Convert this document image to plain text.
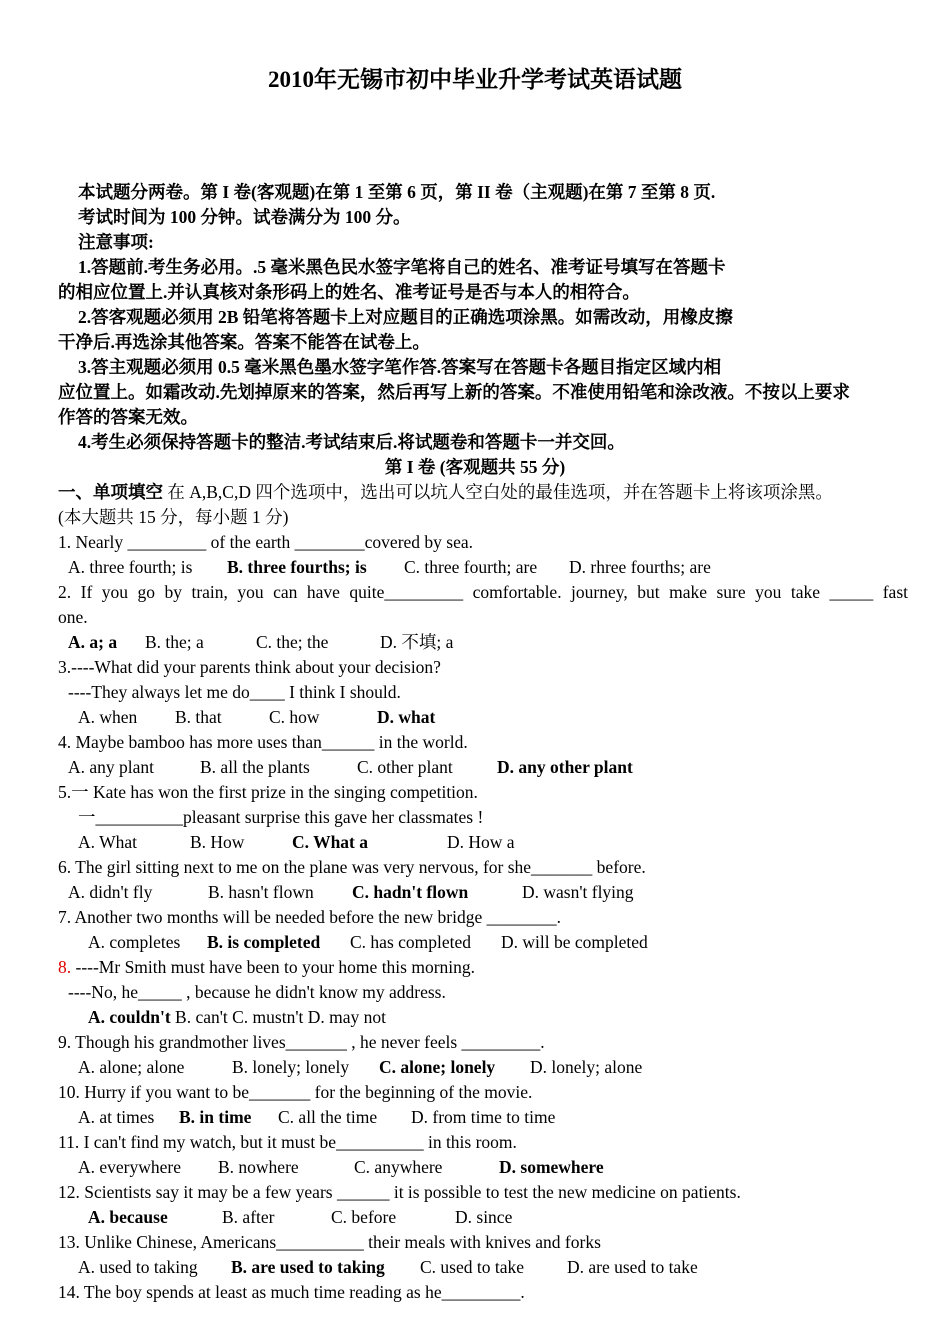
2010年无锡市初中毕业升学考试英语试题
本试题分两卷。第 I 卷(客观题)在第 1 至第 6 页，第 II 卷（主观题)在第 7 至第 8 页.
考试时间为 100 分钟。试卷满分为 100 分。
注意事项:
1.答题前.考生务必用。.5 毫米黑色民水签字笔将自己的姓名、准考证号填写在答题卡
的相应位置上.并认真核对条形码上的姓名、准考证号是否与本人的相符合。
2.答客观题必须用 2B 铅笔将答题卡上对应题目的正确选项涂黑。如需改动，用橡皮擦
干净后.再选涂其他答案。答案不能答在试卷上。
3.答主观题必须用 0.5 毫米黑色墨水签字笔作答.答案写在答题卡各题目指定区域内相
应位置上。如霜改动.先划掉原来的答案，然后再写上新的答案。不准使用铅笔和涂改液。不按以上要求
作答的答案无效。
4.考生必须保持答题卡的整洁.考试结束后.将试题卷和答题卡一并交回。
第 I 卷 (客观题共 55 分)
一、单项填空 在 A,B,C,D 四个选项中，选出可以坑人空白处的最佳选项，并在答题卡上将该项涂黑。
(本大题共 15 分，每小题 1 分)
1. Nearly _________ of the earth ________covered by sea.
A. three fourth; is B. three fourths; is C. three fourth; are D. rhree fourths; are
2. If you go by train, you can have quite_________ comfortable. journey, but make sure you take _____ fast
one.
A. a; a B. the; a	C. the; the	D. 不填; a
3.----What did your parents think about your decision?
----They always let me do____ I think I should.
A. when B. that	C. how	D. what
4. Maybe bamboo has more uses than______ in the world.
A. any plant	B. all the plants	C. other plant	D. any other plant
5.一 Kate has won the first prize in the singing competition.
一__________pleasant surprise this gave her classmates !
A. What	B. How	C. What a	D. How a
6. The girl sitting next to me on the plane was very nervous, for she_______ before.
A. didn't fly	B. hasn't flown C. hadn't flown	D. wasn't flying
7. Another two months will be needed before the new bridge ________.
A. completes B. is completed C. has completed D. will be completed
8. ----Mr Smith must have been to your home this morning.
----No, he_____ , because he didn't know my address.
A. couldn't B. can't C. mustn't D. may not
9. Though his grandmother lives_______ , he never feels _________.
A. alone; alone	B. lonely; lonely C. alone; lonely D. lonely; alone
10. Hurry if you want to be_______ for the beginning of the movie.
A. at times B. in time C. all the time D. from time to time
11. I can't find my watch, but it must be__________ in this room.
A. everywhere B. nowhere	C. anywhere	D. somewhere
12. Scientists say it may be a few years ______ it is possible to test the new medicine on patients.
A. because	B. after	C. before	D. since
13. Unlike Chinese, Americans__________ their meals with knives and forks
A. used to taking B. are used to taking C. used to take D. are used to take
14. The boy spends at least as much time reading as he_________.
